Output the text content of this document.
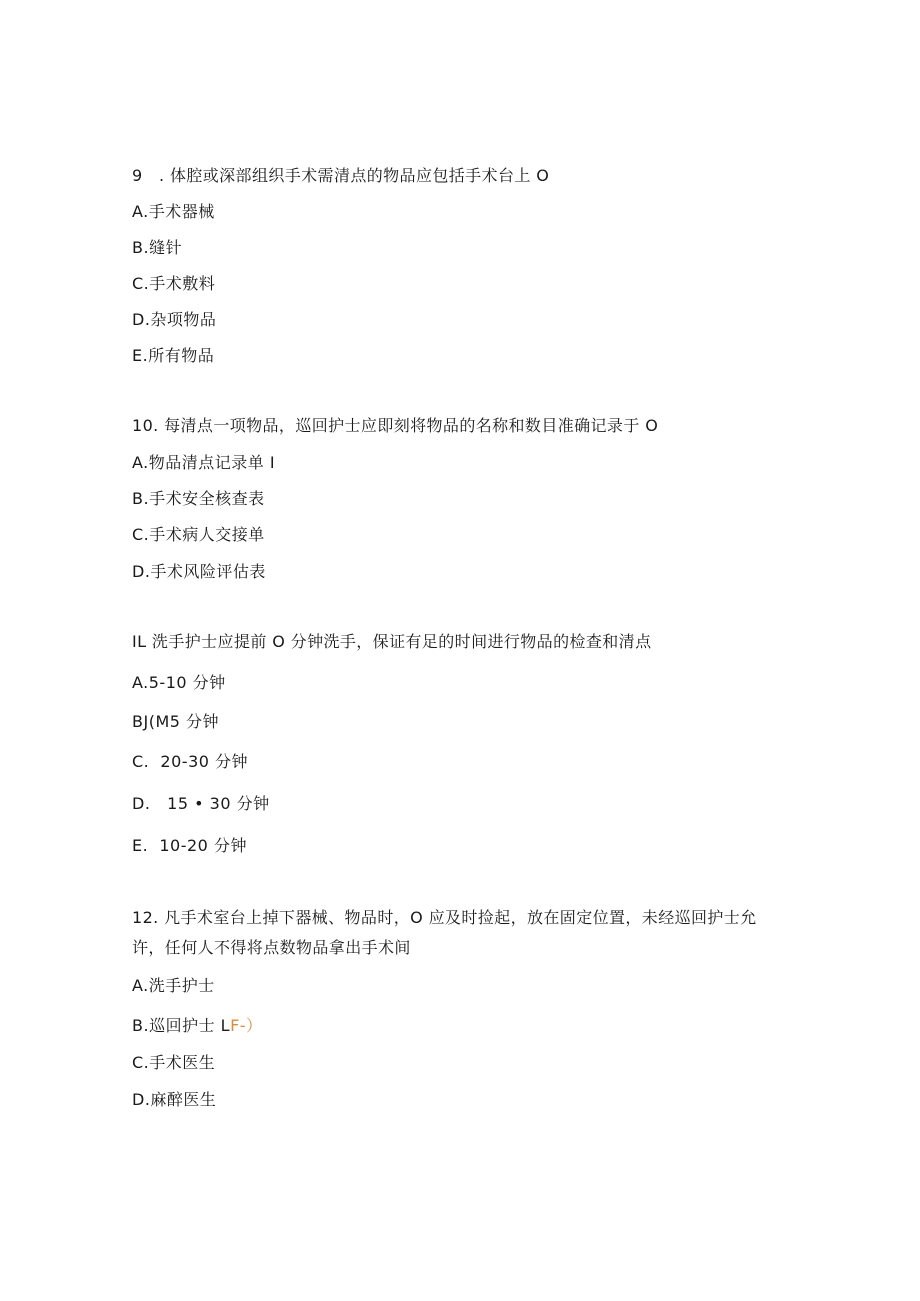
9　. 体腔或深部组织手术需清点的物品应包括手术台上 O
A.手术器械
B.缝针
C.手术敷料
D.杂项物品
E.所有物品
10. 每清点一项物品，巡回护士应即刻将物品的名称和数目准确记录于 O
A.物品清点记录单 I
B.手术安全核查表
C.手术病人交接单
D.手术风险评估表
IL 洗手护士应提前 O 分钟洗手，保证有足的时间进行物品的检查和清点
A.5-10 分钟
BJ(M5 分钟
C.  20-30 分钟
D.   15 • 30 分钟
E.  10-20 分钟
12. 凡手术室台上掉下器械、物品时，O 应及时捡起，放在固定位置，未经巡回护士允
许，任何人不得将点数物品拿出手术间
A.洗手护士
B.巡回护士 LF-）
C.手术医生
D.麻醉医生
